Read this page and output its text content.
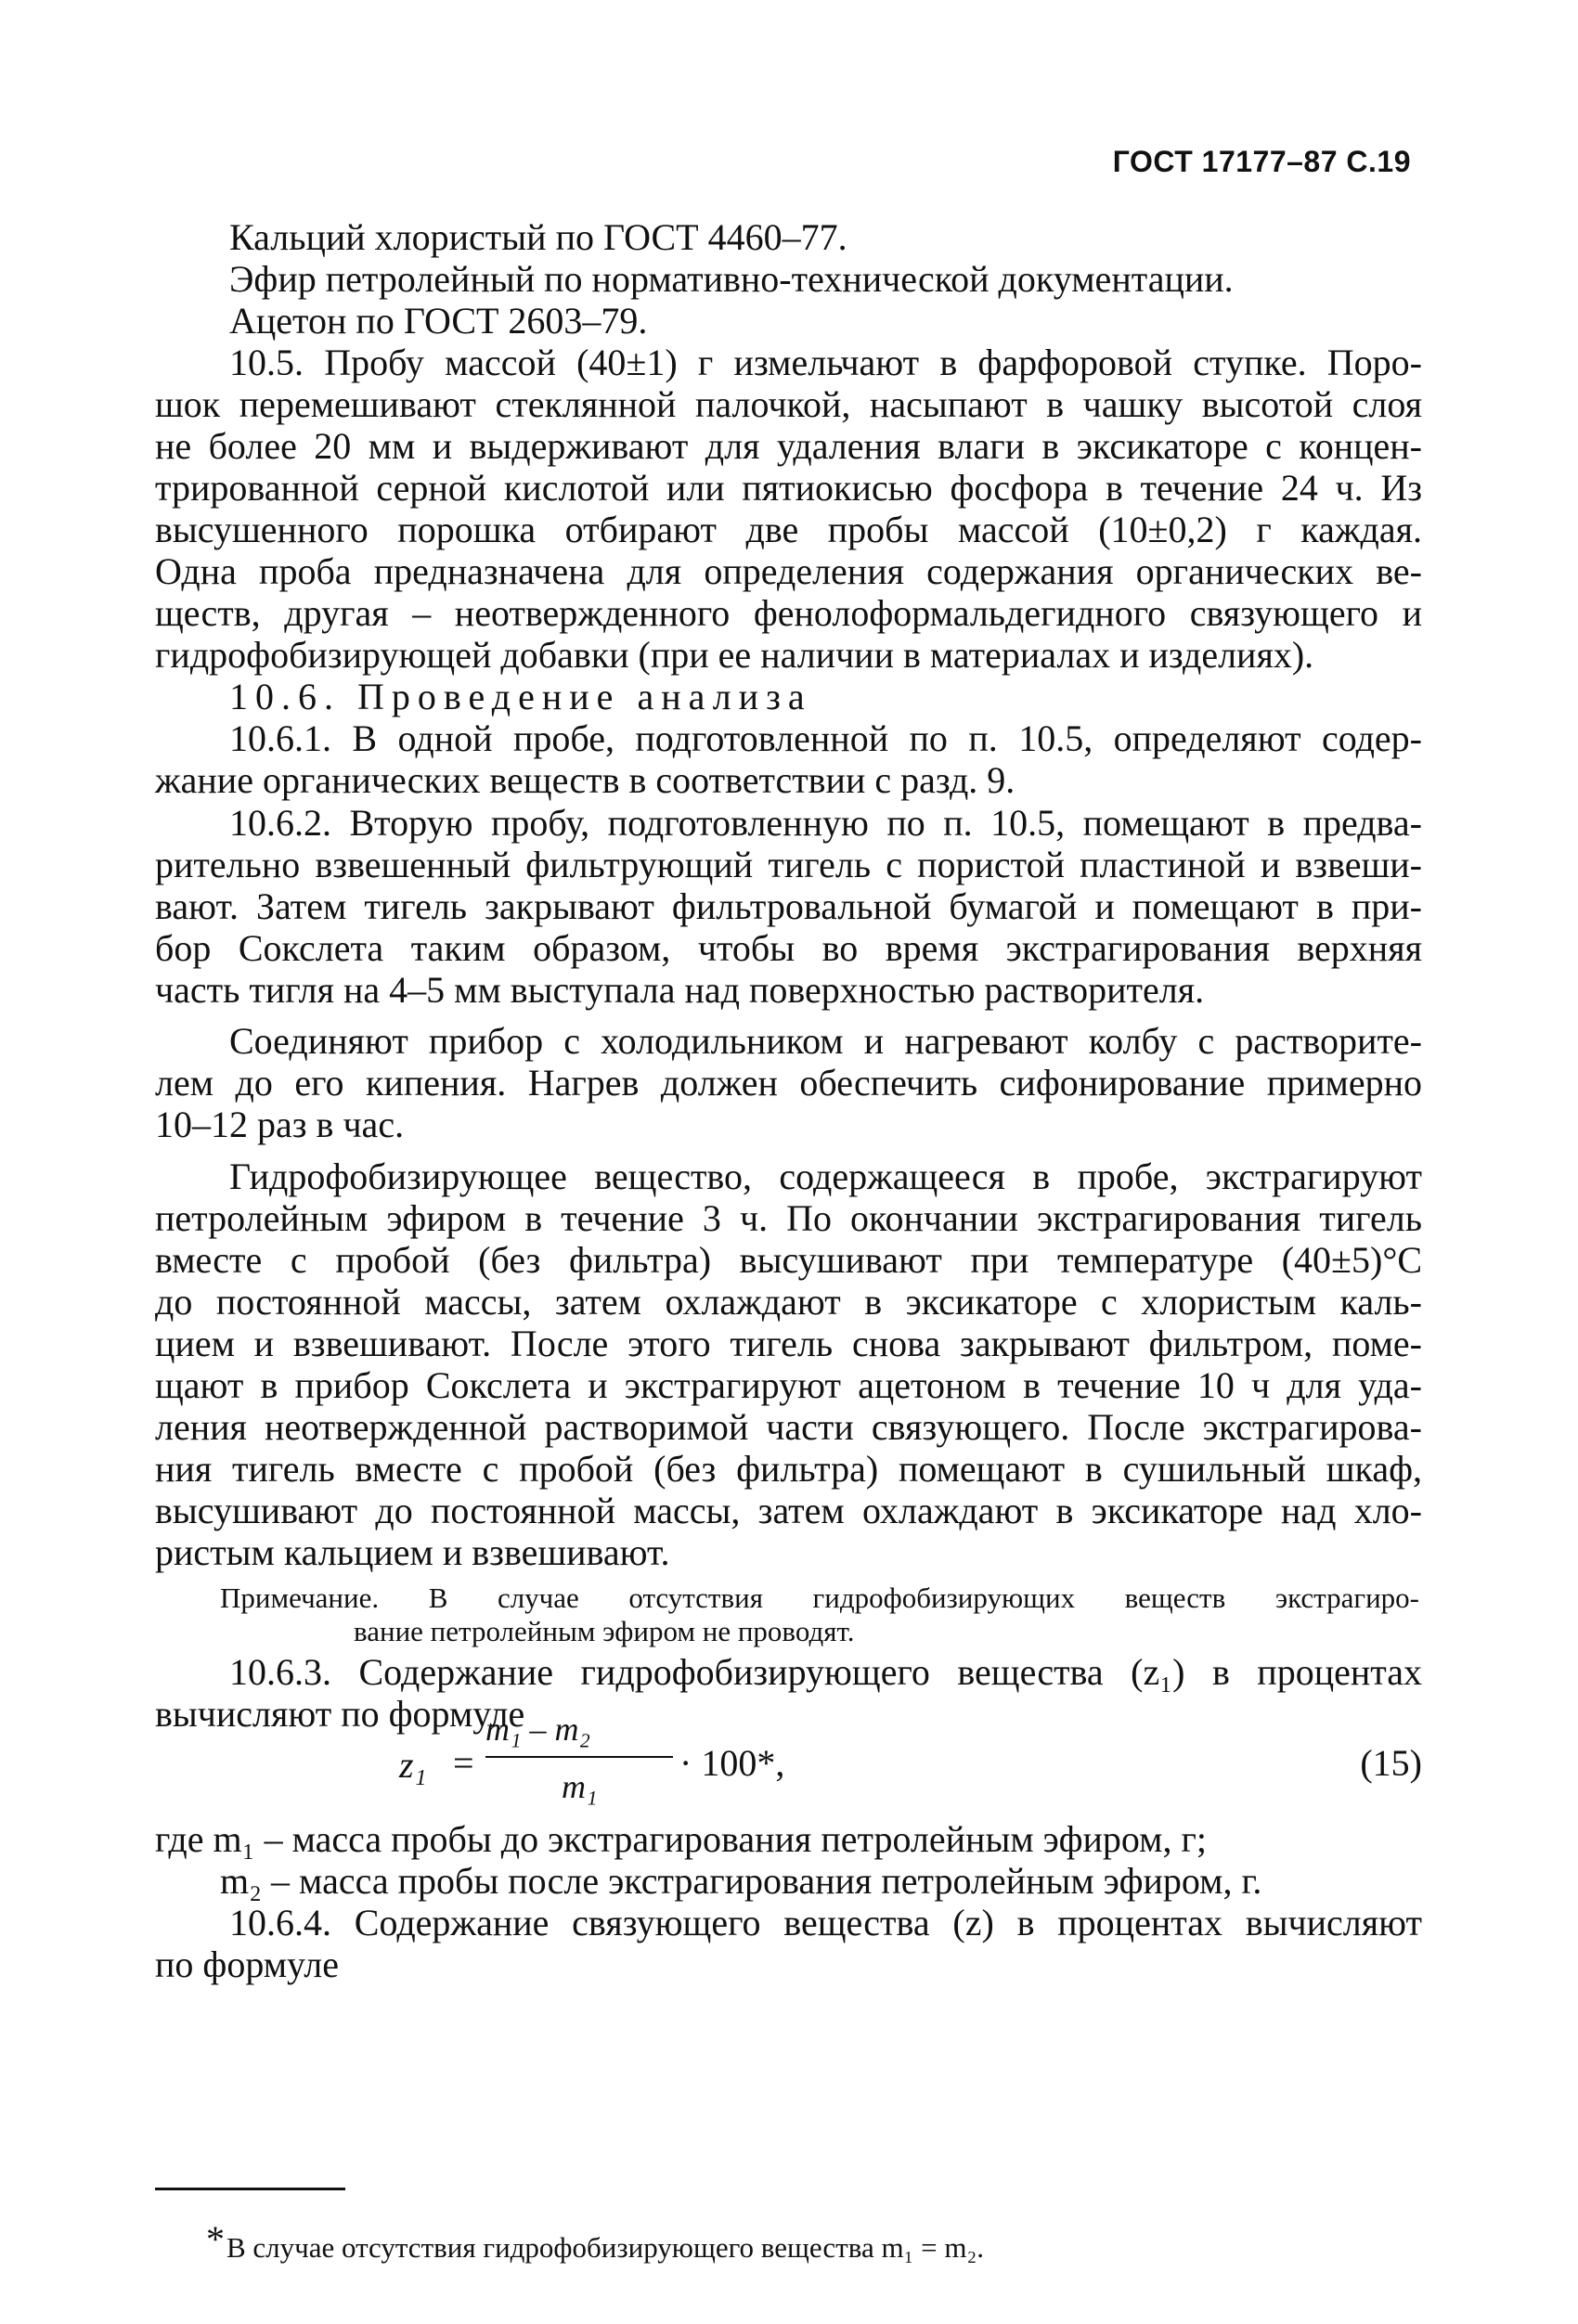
ГОСТ 17177–87 С.19
Кальций хлористый по ГОСТ 4460–77.
Эфир петролейный по нормативно-технической документации.
Ацетон по ГОСТ 2603–79.
10.5. Пробу массой (40±1) г измельчают в фарфоровой ступке. Поро-
шок перемешивают стеклянной палочкой, насыпают в чашку высотой слоя
не более 20 мм и выдерживают для удаления влаги в эксикаторе с концен-
трированной серной кислотой или пятиокисью фосфора в течение 24 ч. Из
высушенного порошка отбирают две пробы массой (10±0,2) г каждая.
Одна проба предназначена для определения содержания органических ве-
ществ, другая – неотвержденного фенолоформальдегидного связующего и
гидрофобизирующей добавки (при ее наличии в материалах и изделиях).
10.6. Проведение анализа
10.6.1. В одной пробе, подготовленной по п. 10.5, определяют содер-
жание органических веществ в соответствии с разд. 9.
10.6.2. Вторую пробу, подготовленную по п. 10.5, помещают в предва-
рительно взвешенный фильтрующий тигель с пористой пластиной и взвеши-
вают. Затем тигель закрывают фильтровальной бумагой и помещают в при-
бор Сокслета таким образом, чтобы во время экстрагирования верхняя
часть тигля на 4–5 мм выступала над поверхностью растворителя.
Соединяют прибор с холодильником и нагревают колбу с растворите-
лем до его кипения. Нагрев должен обеспечить сифонирование примерно
10–12 раз в час.
Гидрофобизирующее вещество, содержащееся в пробе, экстрагируют
петролейным эфиром в течение 3 ч. По окончании экстрагирования тигель
вместе с пробой (без фильтра) высушивают при температуре (40±5)°С
до постоянной массы, затем охлаждают в эксикаторе с хлористым каль-
цием и взвешивают. После этого тигель снова закрывают фильтром, поме-
щают в прибор Сокслета и экстрагируют ацетоном в течение 10 ч для уда-
ления неотвержденной растворимой части связующего. После экстрагирова-
ния тигель вместе с пробой (без фильтра) помещают в сушильный шкаф,
высушивают до постоянной массы, затем охлаждают в эксикаторе над хло-
ристым кальцием и взвешивают.
Примечание. В случае отсутствия гидрофобизирующих веществ экстрагиро-
вание петролейным эфиром не проводят.
10.6.3. Содержание гидрофобизирующего вещества (z₁) в процентах
вычисляют по формуле
z₁ =
m₁ – m₂
m₁
· 100*,	(15)
где m₁ – масса пробы до экстрагирования петролейным эфиром, г;
m₂ – масса пробы после экстрагирования петролейным эфиром, г.
10.6.4. Содержание связующего вещества (z) в процентах вычисляют
по формуле
*В случае отсутствия гидрофобизирующего вещества m₁ = m₂.
